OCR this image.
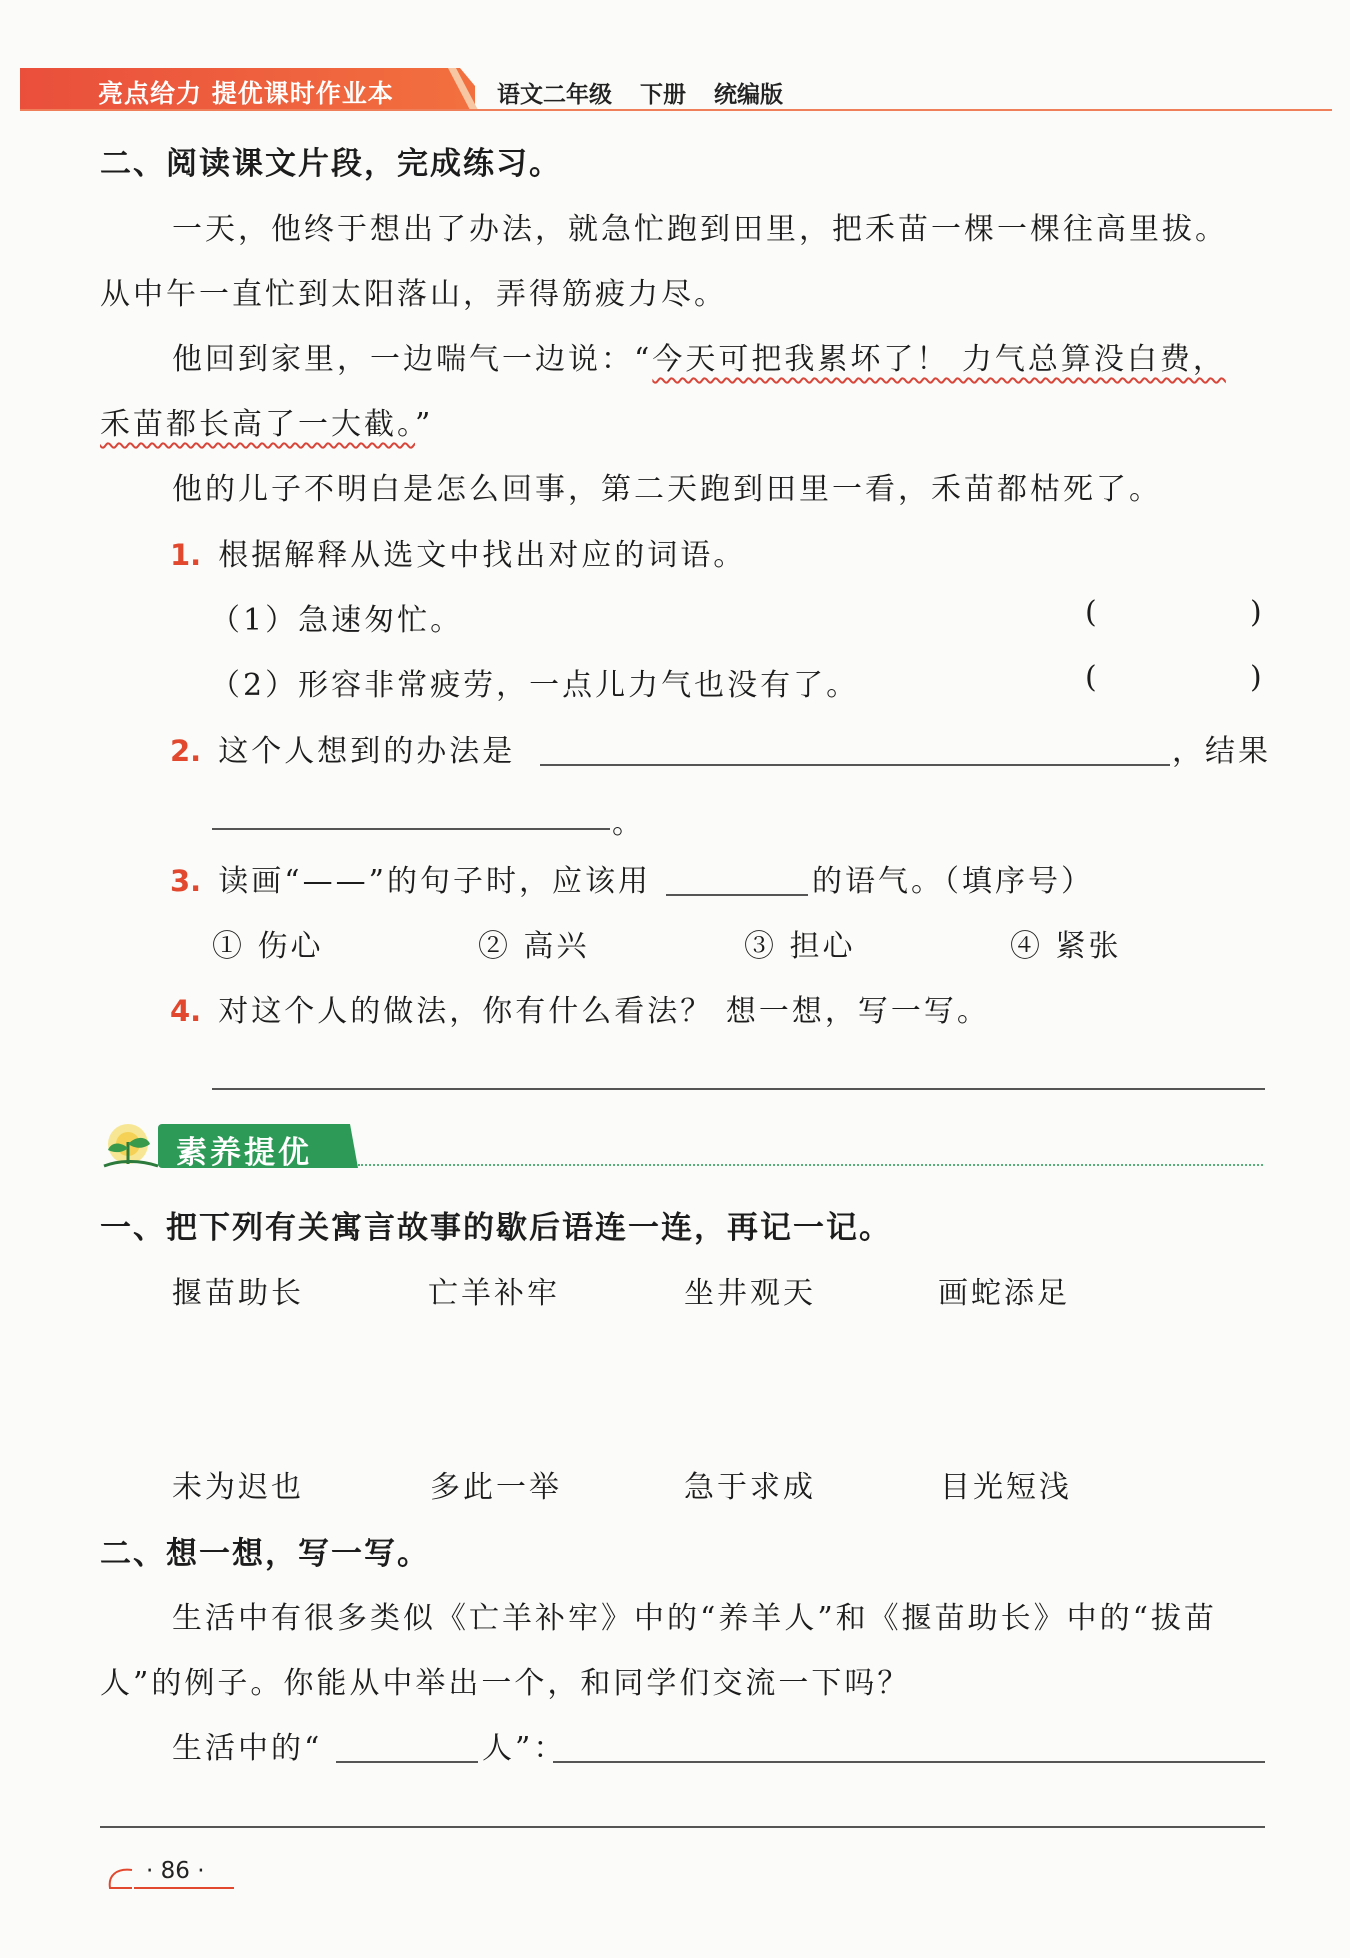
亮点给力 提优课时作业本	语文二年级 下册 统编版
二、阅读课文片段，完成练习。
一天，他终于想出了办法，就急忙跑到田里，把禾苗一棵一棵往高里拔。
从中午一直忙到太阳落山，弄得筋疲力尽。
他回到家里，一边喘气一边说：“今天可把我累坏了！ 力气总算没白费，
禾苗都长高了一大截。”
他的儿子不明白是怎么回事，第二天跑到田里一看，禾苗都枯死了。
1. 根据解释从选文中找出对应的词语。
（1）急速匆忙。	(	)
（2）形容非常疲劳，一点儿力气也没有了。	(	)
2. 这个人想到的办法是	，结果
。
3. 读画“——”的句子时，应该用	的语气。（填序号）
① 伤心	② 高兴	③ 担心	④ 紧张
4. 对这个人的做法，你有什么看法？ 想一想，写一写。
素养提优
一、把下列有关寓言故事的歇后语连一连，再记一记。
揠苗助长	亡羊补牢	坐井观天	画蛇添足
未为迟也	多此一举	急于求成	目光短浅
二、想一想，写一写。
生活中有很多类似《亡羊补牢》中的“养羊人”和《揠苗助长》中的“拔苗
人”的例子。你能从中举出一个，和同学们交流一下吗？
生活中的“	人”：
· 86 ·
